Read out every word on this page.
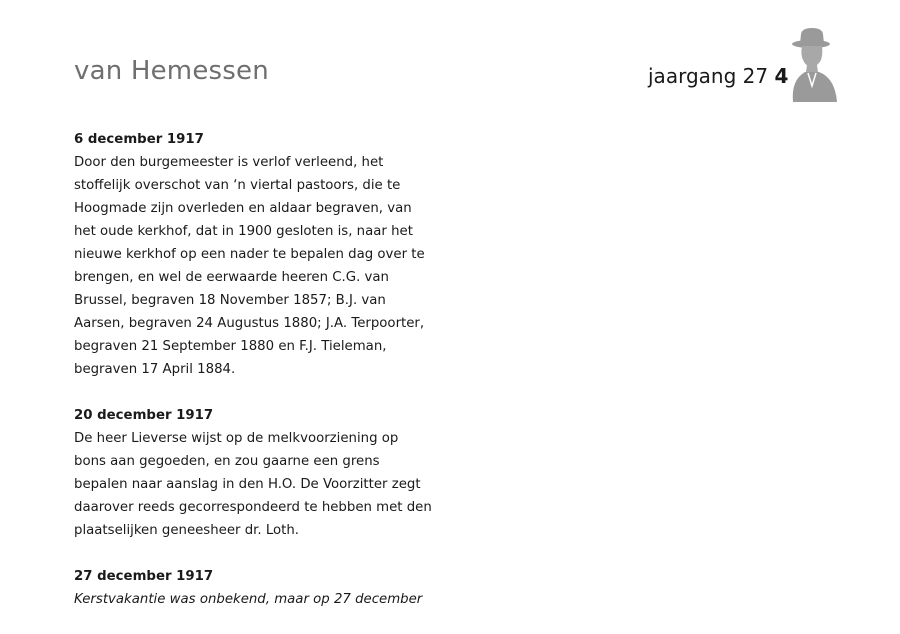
van Hemessen	jaargang 27 4

6 december 1917

Door den burgemeester is verlof verleend, het stoffelijk overschot van ‘n viertal pastoors, die te Hoogmade zijn overleden en aldaar begraven, van het oude kerkhof, dat in 1900 gesloten is, naar het nieuwe kerkhof op een nader te bepalen dag over te brengen, en wel de eerwaarde heeren C.G. van Brussel, begraven 18 November 1857; B.J. van Aarsen, begraven 24 Augustus 1880; J.A. Terpoorter, begraven 21 September 1880 en F.J. Tieleman, begraven 17 April 1884.

20 december 1917

De heer Lieverse wijst op de melkvoorziening op bons aan gegoeden, en zou gaarne een grens bepalen naar aanslag in den H.O. De Voorzitter zegt daarover reeds gecorrespondeerd te hebben met den plaatselijken geneesheer dr. Loth.

27 december 1917

Kerstvakantie was onbekend, maar op 27 december
